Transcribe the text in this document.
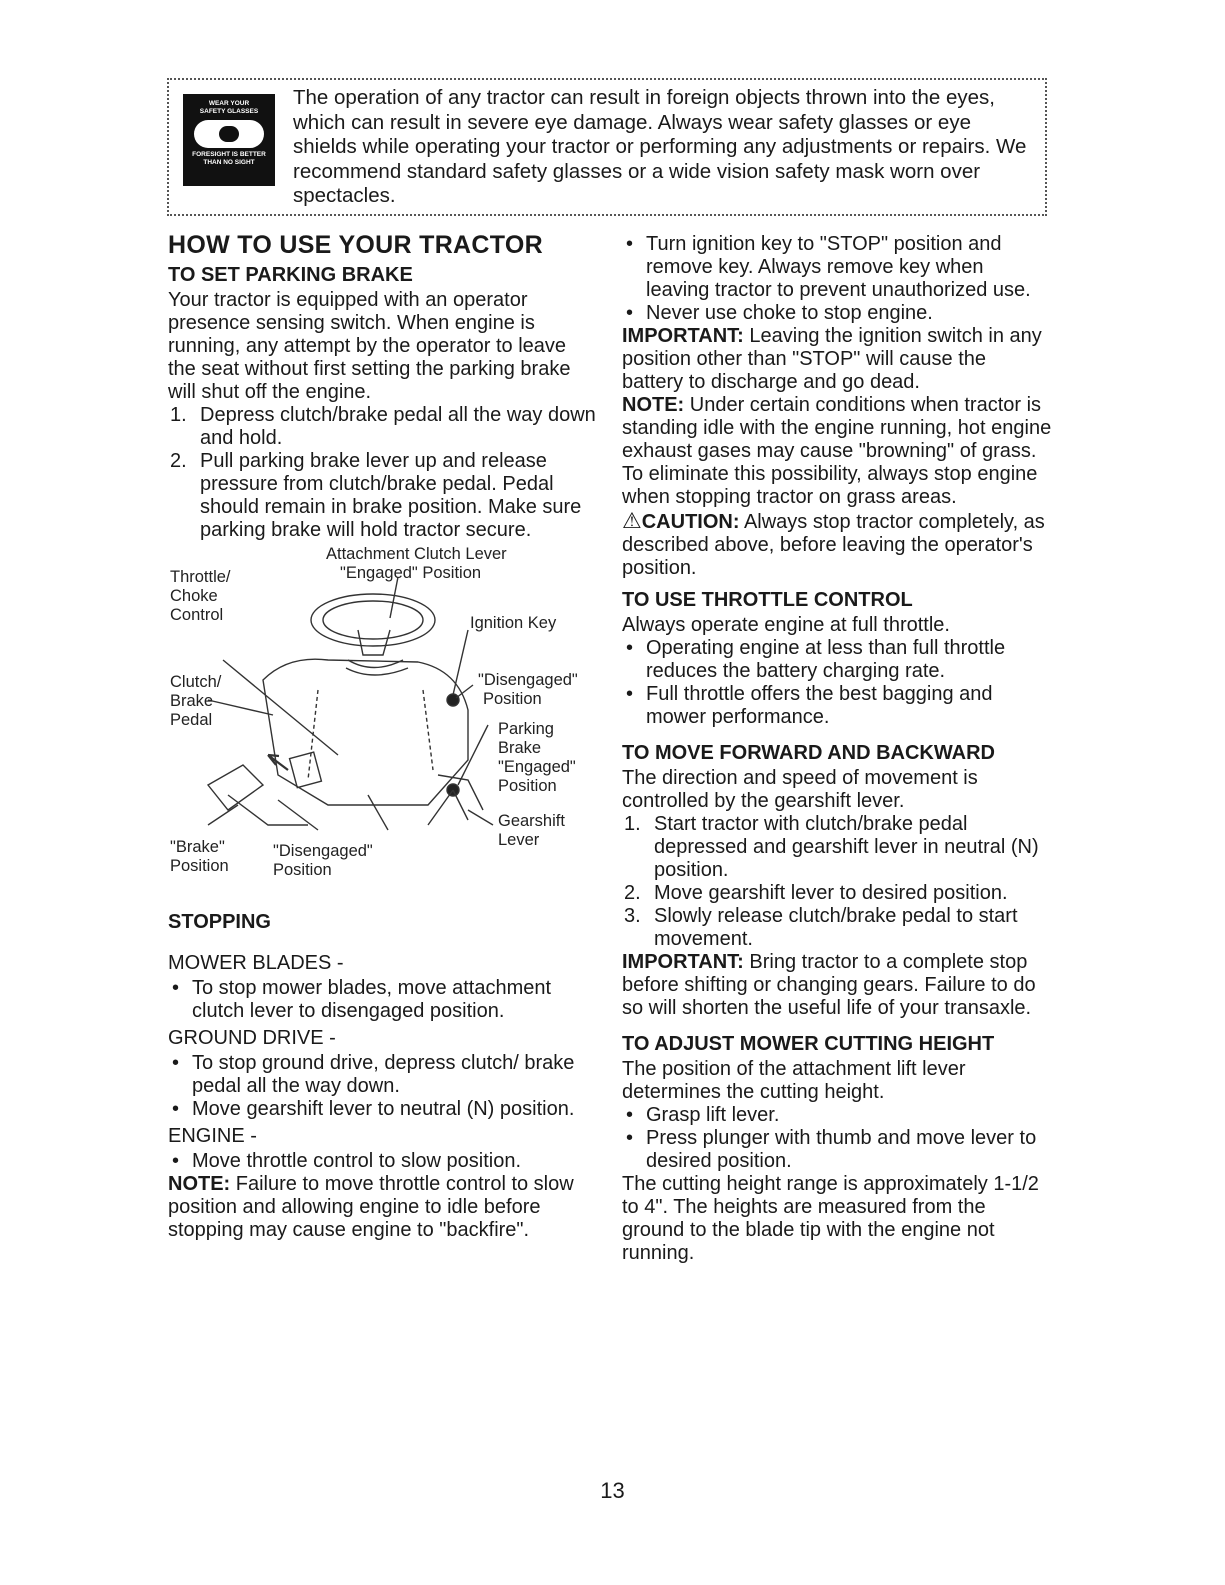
WEAR YOUR
SAFETY GLASSES
FORESIGHT IS BETTER
THAN NO SIGHT
The operation of any tractor can result in foreign objects thrown into the eyes, which can result in severe eye damage. Always wear safety glasses or eye shields while operating your tractor or performing any adjustments or repairs. We recommend standard safety glasses or a wide vision safety mask worn over spectacles.
HOW TO USE YOUR TRACTOR
TO SET PARKING BRAKE

Your tractor is equipped with an operator presence sensing switch. When engine is running, any attempt by the operator to leave the seat without first setting the parking brake will shut off the engine.

1. Depress clutch/brake pedal all the way down and hold.
2. Pull parking brake lever up and release pressure from clutch/brake pedal. Pedal should remain in brake position. Make sure parking brake will hold tractor secure.
Attachment Clutch Lever
"Engaged" Position
Throttle/
Choke
Control	Ignition Key
Clutch/
Brake
Pedal
"Disengaged"
Position
Parking
Brake
"Engaged"
Position
Gearshift
Lever
"Brake"
Position
"Disengaged"
Position
STOPPING

MOWER BLADES -

• To stop mower blades, move attachment clutch lever to disengaged position.

GROUND DRIVE -

• To stop ground drive, depress clutch/ brake pedal all the way down.

• Move gearshift lever to neutral (N) position.

ENGINE -

• Move throttle control to slow position.

NOTE: Failure to move throttle control to slow position and allowing engine to idle before stopping may cause engine to "backfire".

• Turn ignition key to "STOP" position and remove key. Always remove key when leaving tractor to prevent unauthorized use.

• Never use choke to stop engine.

IMPORTANT: Leaving the ignition switch in any position other than "STOP" will cause the battery to discharge and go dead.

NOTE: Under certain conditions when tractor is standing idle with the engine running, hot engine exhaust gases may cause "browning" of grass. To eliminate this possibility, always stop engine when stopping tractor on grass areas.

⚠CAUTION: Always stop tractor completely, as described above, before leaving the operator's position.

TO USE THROTTLE CONTROL

Always operate engine at full throttle.

• Operating engine at less than full throttle reduces the battery charging rate.

• Full throttle offers the best bagging and mower performance.

TO MOVE FORWARD AND BACKWARD

The direction and speed of movement is controlled by the gearshift lever.

1. Start tractor with clutch/brake pedal depressed and gearshift lever in neutral (N) position.
2. Move gearshift lever to desired position.
3. Slowly release clutch/brake pedal to start movement.

IMPORTANT: Bring tractor to a complete stop before shifting or changing gears. Failure to do so will shorten the useful life of your transaxle.

TO ADJUST MOWER CUTTING HEIGHT

The position of the attachment lift lever determines the cutting height.

• Grasp lift lever.

• Press plunger with thumb and move lever to desired position.

The cutting height range is approximately 1-1/2 to 4". The heights are measured from the ground to the blade tip with the engine not running.

13
